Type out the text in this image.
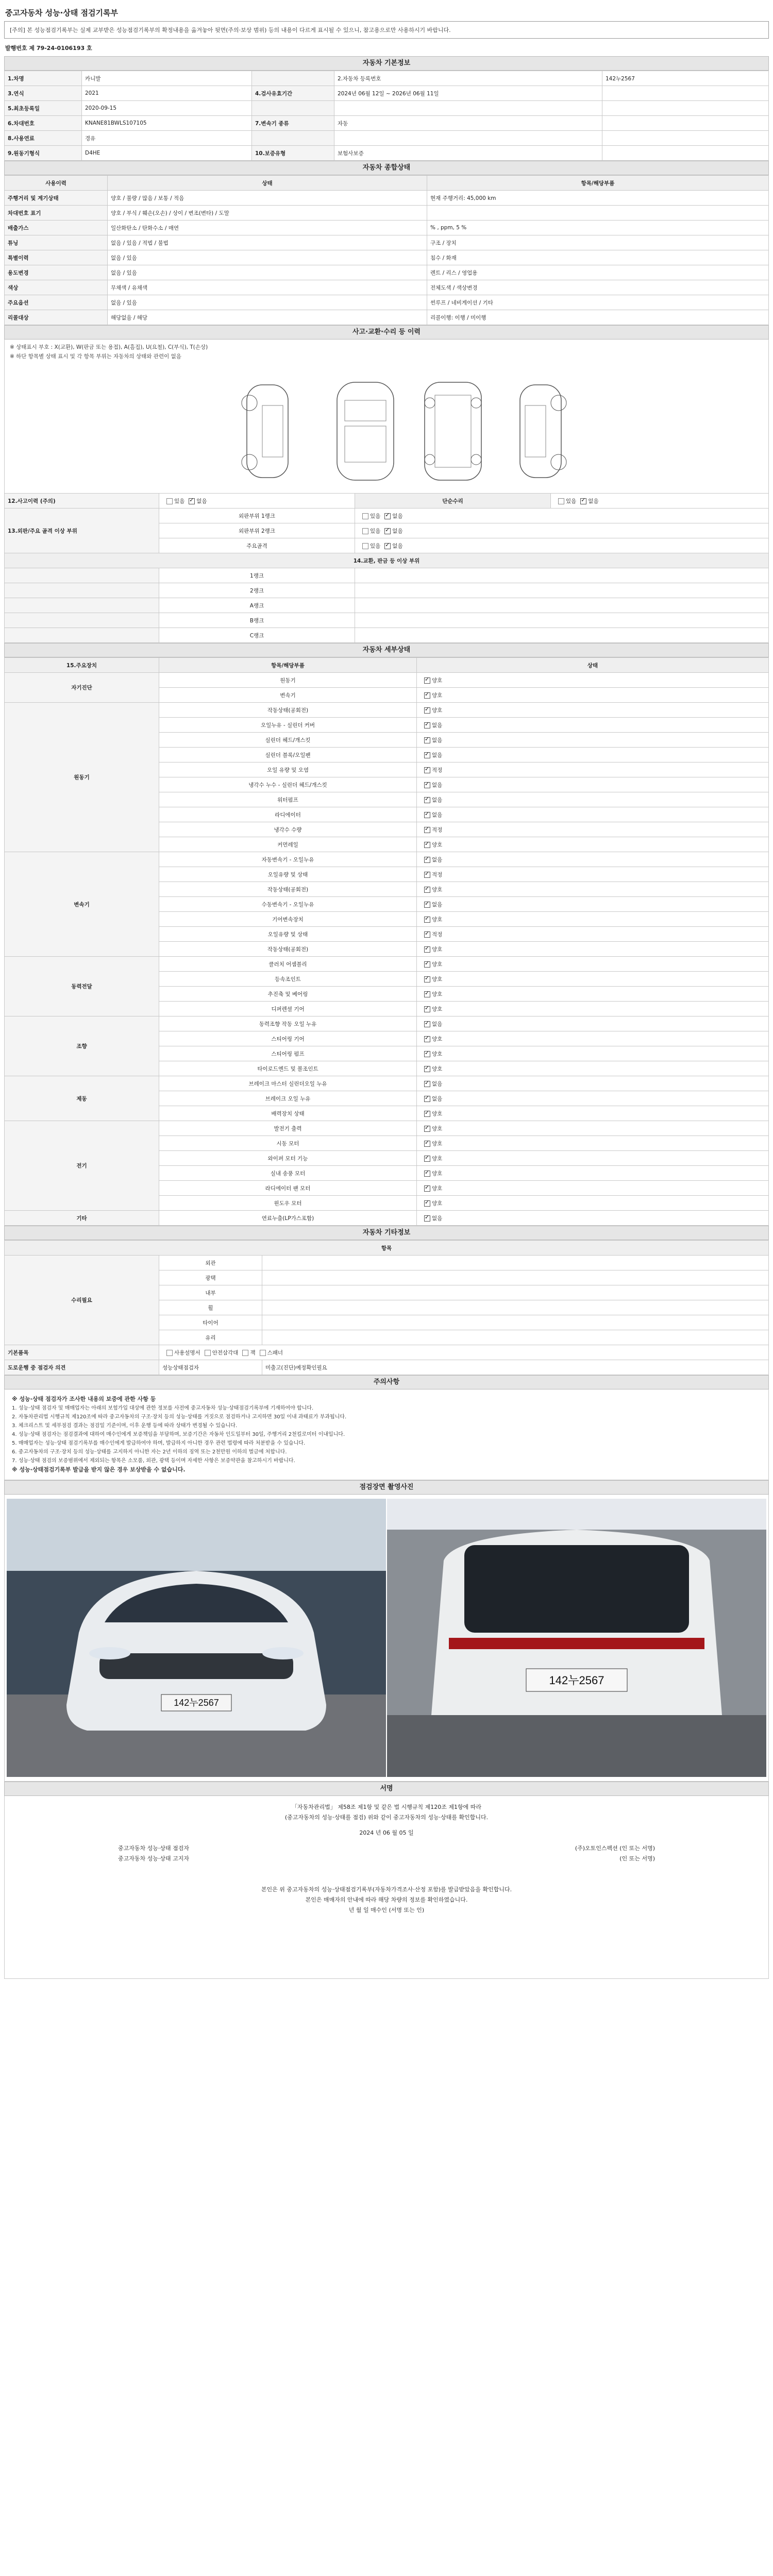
중고자동차 성능·상태 점검기록부
[주의] 본 성능점검기록부는 실제 교부받은 성능점검기록부의 확정내용을 옮겨놓아 뒷면(주의·보상 범위) 등의 내용이 다르게 표시될 수 있으니, 참고용으로만 사용하시기 바랍니다.
발행번호 제 79-24-0106193 호
자동차 기본정보
1.차명	카니발		2.자동차 등록번호	142누2567
3.연식	2021	4.검사유효기간	2024년 06월 12일 ~ 2026년 06월 11일	
5.최초등록일	2020-09-15			
6.차대번호	KNANE81BWLS107105	7.변속기 종류	자동	
8.사용연료	경유			
9.원동기형식	D4HE	10.보증유형	보험사보증	
자동차 종합상태
사용이력	상태	항목/해당부품
주행거리 및 계기상태	양호 / 불량 / 많음 / 보통 / 적음	현재 주행거리: 45,000 km
차대번호 표기	양호 / 부식 / 훼손(오손) / 상이 / 변조(변타) / 도말	
배출가스	일산화탄소 / 탄화수소 / 매연	% , ppm, 5 %
튜닝	없음 / 있음 / 적법 / 불법	구조 / 장치
특별이력	없음 / 있음	침수 / 화재
용도변경	없음 / 있음	렌트 / 리스 / 영업용
색상	무채색 / 유채색	전체도색 / 색상변경
주요옵션	없음 / 있음	썬루프 / 네비게이션 / 기타
리콜대상	해당없음 / 해당	리콜이행: 이행 / 미이행
사고·교환·수리 등 이력
※ 상태표시 부호 : X(교환), W(판금 또는 용접), A(흠집), U(요철), C(부식), T(손상)
※ 하단 항목별 상태 표시 및 각 항목 부위는 자동차의 상태와 관련이 없음
12.사고이력 (주의)	있음 ✓ 없음	단순수리	있음 ✓ 없음
13.외판/주요 골격 이상 부위	외판부위 1랭크	있음 ✓ 없음
	외판부위 2랭크	있음 ✓ 없음
	주요골격	있음 ✓ 없음
14.교환, 판금 등 이상 부위			
	1랭크		
	2랭크		
	A랭크		
	B랭크		
	C랭크		
자동차 세부상태
15.주요장치	항목/해당부품	상태
자기진단	원동기	✓양호
	변속기	✓양호
원동기	작동상태(공회전)	✓양호
	오일누유 - 실린더 커버	✓없음
	실린더 헤드/개스킷	✓없음
	실린더 블록/오일팬	✓없음
	오일 유량 및 오염	✓적정
	냉각수 누수 - 실린더 헤드/개스킷	✓없음
	워터펌프	✓없음
	라디에이터	✓없음
	냉각수 수량	✓적정
	커먼레일	✓양호
변속기	자동변속기 - 오일누유	✓없음
	오일유량 및 상태	✓적정
	작동상태(공회전)	✓양호
	수동변속기 - 오일누유	✓없음
	기어변속장치	✓양호
	오일유량 및 상태	✓적정
	작동상태(공회전)	✓양호
동력전달	클러치 어셈블리	✓양호
	등속조인트	✓양호
	추진축 및 베어링	✓양호
	디퍼렌셜 기어	✓양호
조향	동력조향 작동 오일 누유	✓없음
	스티어링 기어	✓양호
	스티어링 펌프	✓양호
	타이로드엔드 및 볼조인트	✓양호
제동	브레이크 마스터 실린더오일 누유	✓없음
	브레이크 오일 누유	✓없음
	배력장치 상태	✓양호
전기	발전기 출력	✓양호
	시동 모터	✓양호
	와이퍼 모터 기능	✓양호
	실내 송풍 모터	✓양호
	라디에이터 팬 모터	✓양호
	윈도우 모터	✓양호
기타	연료누출(LP가스포함)	✓없음
자동차 기타정보
항목		
수리필요	외관	
	광택	
	내부	
	휠	
	타이어	
	유리	
기본품목	사용설명서 안전삼각대 잭 스패너	
도로운행 중 점검자 의견	성능상태점검자	미출고(진단)예정확인필요
주의사항
※ 성능·상태 점검자가 조사한 내용의 보증에 관한 사항 등
1. 성능·상태 점검자 및 매매업자는 아래의 보험가입 대상에 관한 정보를 사전에 중고자동차 성능·상태점검기록부에 기재하여야 합니다.
2. 자동차관리법 시행규칙 제120조에 따라 중고자동차의 구조·장치 등의 성능·상태를 거짓으로 점검하거나 고지하면 30일 이내 과태료가 부과됩니다.
3. 체크리스트 및 세부점검 결과는 점검일 기준이며, 이후 운행 등에 따라 상태가 변경될 수 있습니다.
4. 성능·상태 점검자는 점검결과에 대하여 매수인에게 보증책임을 부담하며, 보증기간은 자동차 인도일부터 30일, 주행거리 2천킬로미터 이내입니다.
5. 매매업자는 성능·상태 점검기록부를 매수인에게 발급하여야 하며, 발급하지 아니한 경우 관련 법령에 따라 처분받을 수 있습니다.
6. 중고자동차의 구조·장치 등의 성능·상태를 고지하지 아니한 자는 2년 이하의 징역 또는 2천만원 이하의 벌금에 처합니다.
7. 성능·상태 점검의 보증범위에서 제외되는 항목은 소모품, 외관, 광택 등이며 자세한 사항은 보증약관을 참고하시기 바랍니다.
※ 성능·상태점검기록부 발급을 받지 않은 경우 보상받을 수 없습니다.
점검장면 촬영사진
142누2567
142누2567
서명
「자동차관리법」 제58조 제1항 및 같은 법 시행규칙 제120조 제1항에 따라
(중고자동차의 성능·상태를 점검) 위와 같이 중고자동차의 성능·상태를 확인합니다.
2024 년 06 월 05 일
중고자동차 성능·상태 점검자	(주)오토인스펙션 (인 또는 서명)
중고자동차 성능·상태 고지자	(인 또는 서명)
본인은 위 중고자동차의 성능·상태점검기록부(자동차가격조사·산정 포함)를 발급받았음을 확인합니다.
본인은 매매자의 안내에 따라 해당 차량의 정보를 확인하였습니다.
년 월 일 매수인 (서명 또는 인)
